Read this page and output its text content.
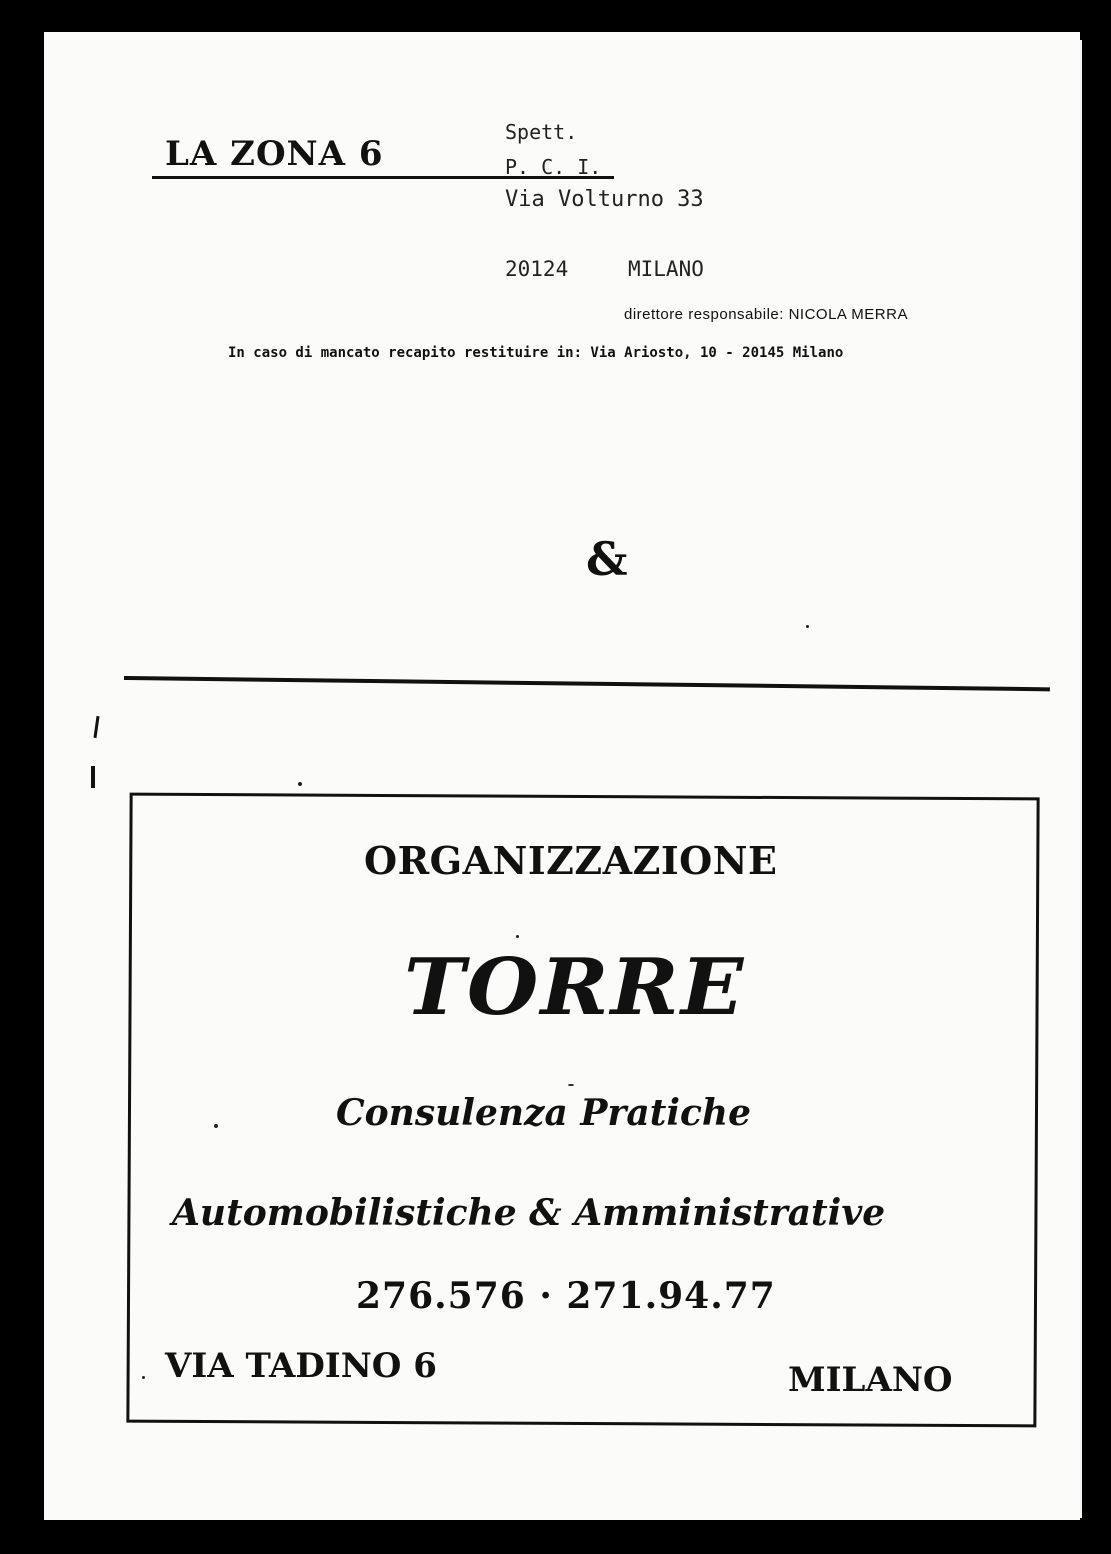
LA ZONA 6
Spett.
P. C. I.
Via Volturno 33
20124	MILANO
direttore responsabile: NICOLA MERRA
In caso di mancato recapito restituire in: Via Ariosto, 10 - 20145 Milano
&
ORGANIZZAZIONE
TORRE
Consulenza Pratiche
Automobilistiche & Amministrative
276.576 · 271.94.77
VIA TADINO 6	MILANO
